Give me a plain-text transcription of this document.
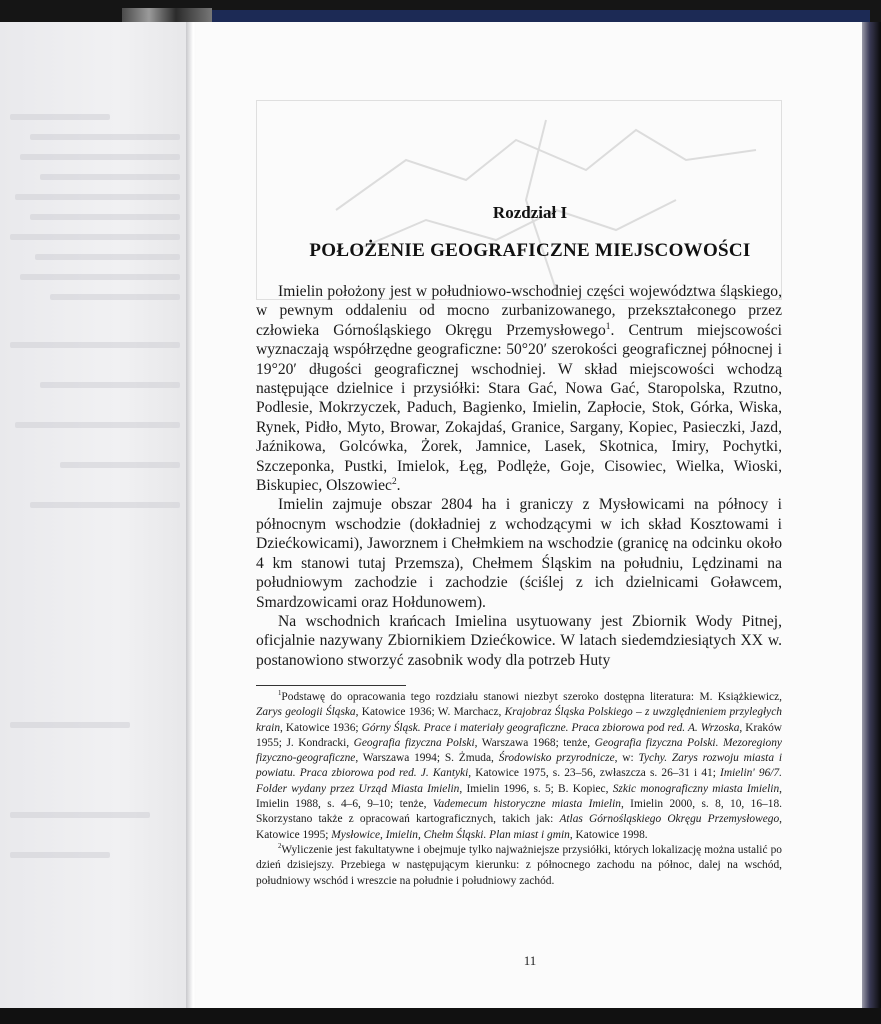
Rozdział I
POŁOŻENIE GEOGRAFICZNE MIEJSCOWOŚCI

Imielin położony jest w południowo-wschodniej części województwa śląskiego, w pewnym oddaleniu od mocno zurbanizowanego, przekształconego przez człowieka Górnośląskiego Okręgu Przemysłowego$^1$. Centrum miejscowości wyznaczają współrzędne geograficzne: 50°20′ szerokości geograficznej północnej i 19°20′ długości geograficznej wschodniej. W skład miejscowości wchodzą następujące dzielnice i przysiółki: Stara Gać, Nowa Gać, Staropolska, Rzutno, Podlesie, Mokrzyczek, Paduch, Bagienko, Imielin, Zapłocie, Stok, Górka, Wiska, Rynek, Pidło, Myto, Browar, Zokajdaś, Granice, Sargany, Kopiec, Pasieczki, Jazd, Jaźnikowa, Golcówka, Żorek, Jamnice, Lasek, Skotnica, Imiry, Pochytki, Szczeponka, Pustki, Imielok, Łęg, Podlęże, Goje, Cisowiec, Wielka, Wioski, Biskupiec, Olszowiec$^2$.

Imielin zajmuje obszar 2804 ha i graniczy z Mysłowicami na północy i północnym wschodzie (dokładniej z wchodzącymi w ich skład Kosztowami i Dziećkowicami), Jaworznem i Chełmkiem na wschodzie (granicę na odcinku około 4 km stanowi tutaj Przemsza), Chełmem Śląskim na południu, Lędzinami na południowym zachodzie i zachodzie (ściślej z ich dzielnicami Goławcem, Smardzowicami oraz Hołdunowem).

Na wschodnich krańcach Imielina usytuowany jest Zbiornik Wody Pitnej, oficjalnie nazywany Zbiornikiem Dziećkowice. W latach siedemdziesiątych XX w. postanowiono stworzyć zasobnik wody dla potrzeb Huty

$^1$Podstawę do opracowania tego rozdziału stanowi niezbyt szeroko dostępna literatura: M. Książkiewicz, Zarys geologii Śląska, Katowice 1936; W. Marchacz, Krajobraz Śląska Polskiego – z uwzględnieniem przyległych krain, Katowice 1936; Górny Śląsk. Prace i materiały geograficzne. Praca zbiorowa pod red. A. Wrzoska, Kraków 1955; J. Kondracki, Geografia fizyczna Polski, Warszawa 1968; tenże, Geografia fizyczna Polski. Mezoregiony fizyczno-geograficzne, Warszawa 1994; S. Żmuda, Środowisko przyrodnicze, w: Tychy. Zarys rozwoju miasta i powiatu. Praca zbiorowa pod red. J. Kantyki, Katowice 1975, s. 23–56, zwłaszcza s. 26–31 i 41; Imielin' 96/7. Folder wydany przez Urząd Miasta Imielin, Imielin 1996, s. 5; B. Kopiec, Szkic monograficzny miasta Imielin, Imielin 1988, s. 4–6, 9–10; tenże, Vademecum historyczne miasta Imielin, Imielin 2000, s. 8, 10, 16–18. Skorzystano także z opracowań kartograficznych, takich jak: Atlas Górnośląskiego Okręgu Przemysłowego, Katowice 1995; Mysłowice, Imielin, Chełm Śląski. Plan miast i gmin, Katowice 1998.

$^2$Wyliczenie jest fakultatywne i obejmuje tylko najważniejsze przysiółki, których lokalizację można ustalić po dzień dzisiejszy. Przebiega w następującym kierunku: z północnego zachodu na północ, dalej na wschód, południowy wschód i wreszcie na południe i południowy zachód.

11
